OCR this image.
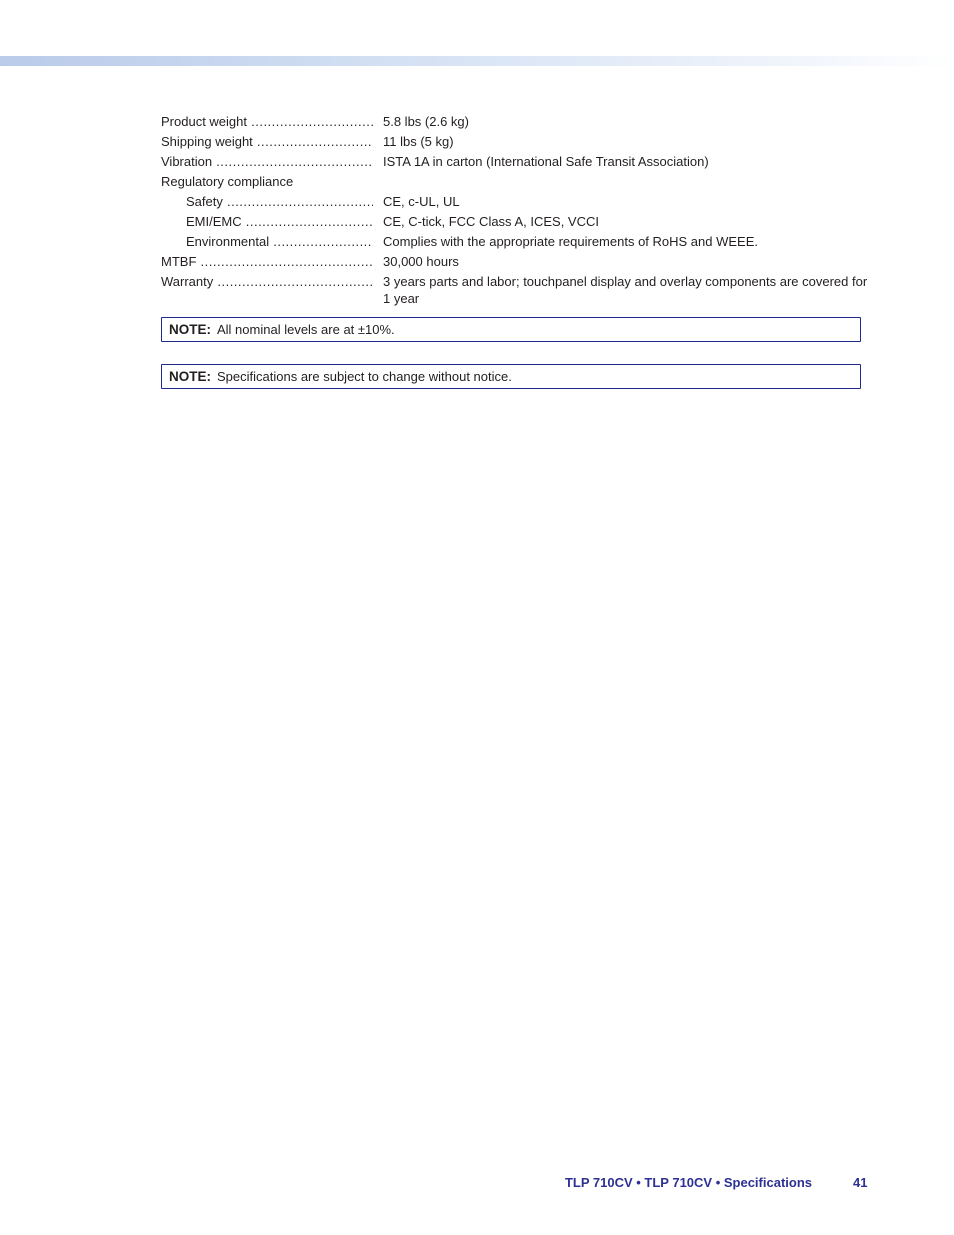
Product weight .....	5.8 lbs (2.6 kg)
Shipping weight .....	11 lbs (5 kg)
Vibration .....	ISTA 1A in carton (International Safe Transit Association)
Regulatory compliance
Safety .....	CE, c-UL, UL
EMI/EMC .....	CE, C-tick, FCC Class A, ICES, VCCI
Environmental .....	Complies with the appropriate requirements of RoHS and WEEE.
MTBF .....	30,000 hours
Warranty .....	3 years parts and labor; touchpanel display and overlay components are covered for 1 year
NOTE: All nominal levels are at ±10%.
NOTE: Specifications are subject to change without notice.
TLP 710CV • TLP 710CV • Specifications	41
